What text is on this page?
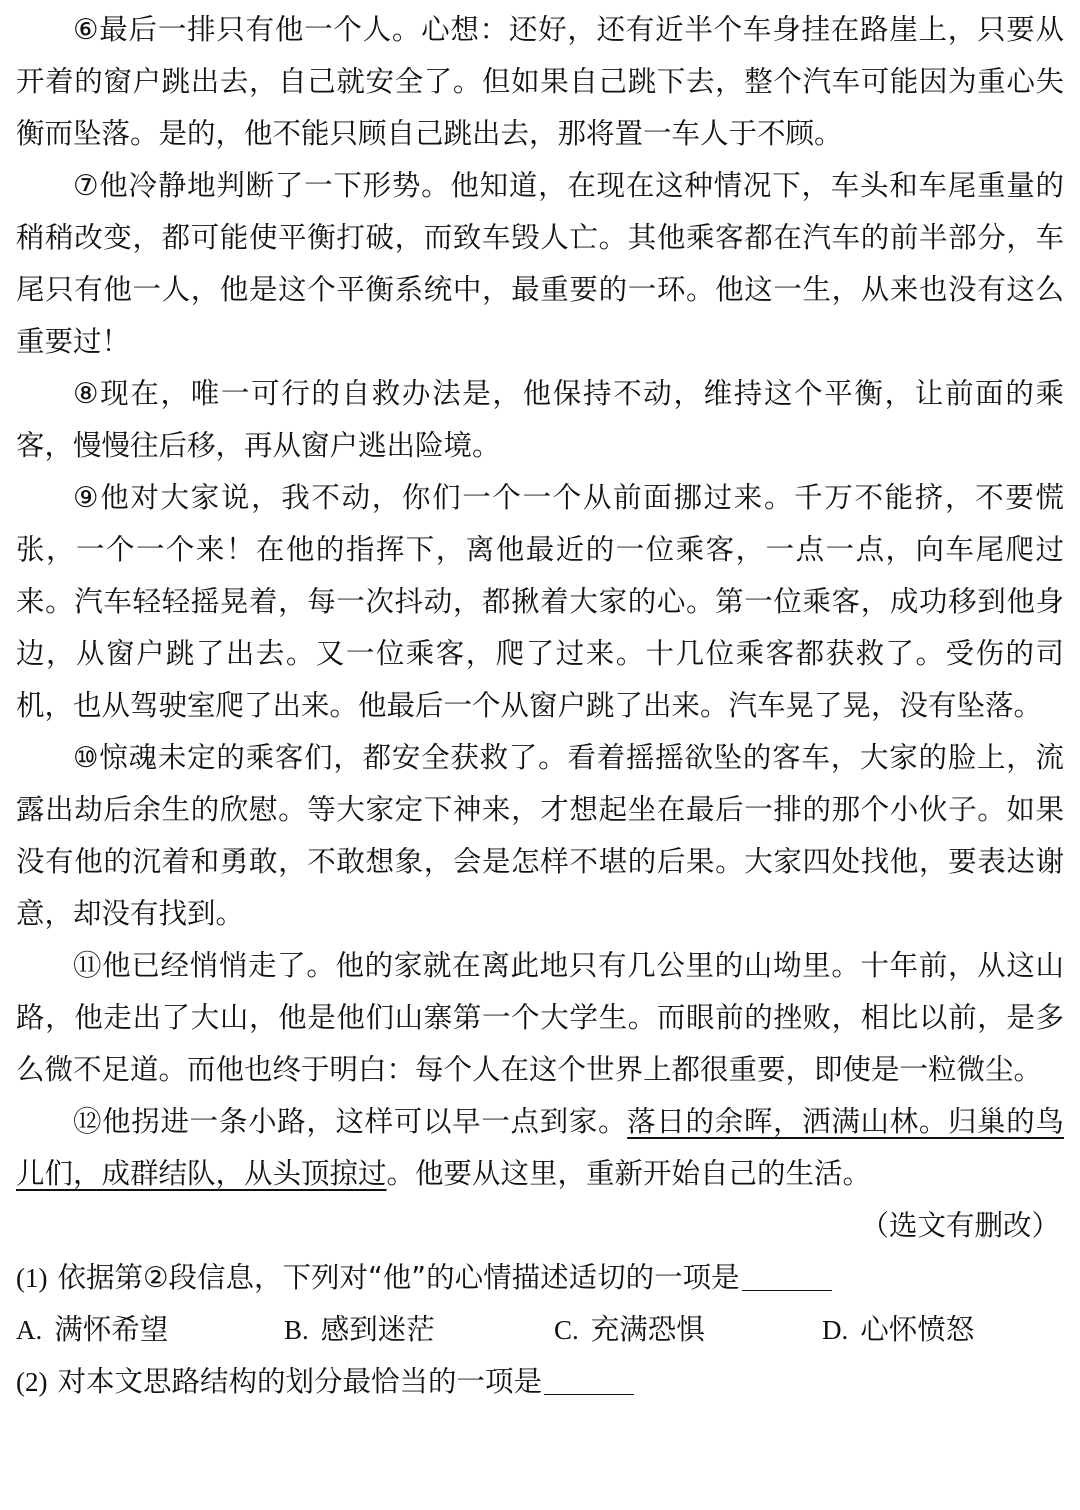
⑥最后一排只有他一个人。心想：还好，还有近半个车身挂在路崖上，只要从开着的窗户跳出去，自己就安全了。但如果自己跳下去，整个汽车可能因为重心失衡而坠落。是的，他不能只顾自己跳出去，那将置一车人于不顾。

⑦他冷静地判断了一下形势。他知道，在现在这种情况下，车头和车尾重量的稍稍改变，都可能使平衡打破，而致车毁人亡。其他乘客都在汽车的前半部分，车尾只有他一人，他是这个平衡系统中，最重要的一环。他这一生，从来也没有这么重要过！

⑧现在，唯一可行的自救办法是，他保持不动，维持这个平衡，让前面的乘客，慢慢往后移，再从窗户逃出险境。

⑨他对大家说，我不动，你们一个一个从前面挪过来。千万不能挤，不要慌张，一个一个来！在他的指挥下，离他最近的一位乘客，一点一点，向车尾爬过来。汽车轻轻摇晃着，每一次抖动，都揪着大家的心。第一位乘客，成功移到他身边，从窗户跳了出去。又一位乘客，爬了过来。十几位乘客都获救了。受伤的司机，也从驾驶室爬了出来。他最后一个从窗户跳了出来。汽车晃了晃，没有坠落。

⑩惊魂未定的乘客们，都安全获救了。看着摇摇欲坠的客车，大家的脸上，流露出劫后余生的欣慰。等大家定下神来，才想起坐在最后一排的那个小伙子。如果没有他的沉着和勇敢，不敢想象，会是怎样不堪的后果。大家四处找他，要表达谢意，却没有找到。

⑪他已经悄悄走了。他的家就在离此地只有几公里的山坳里。十年前，从这山路，他走出了大山，他是他们山寨第一个大学生。而眼前的挫败，相比以前，是多么微不足道。而他也终于明白：每个人在这个世界上都很重要，即使是一粒微尘。

⑫他拐进一条小路，这样可以早一点到家。落日的余晖，洒满山林。归巢的鸟儿们，成群结队，从头顶掠过。他要从这里，重新开始自己的生活。

（选文有删改）
(1) 依据第②段信息，下列对“他”的心情描述适切的一项是
A. 满怀希望	B. 感到迷茫	C. 充满恐惧	D. 心怀愤怒
(2) 对本文思路结构的划分最恰当的一项是
